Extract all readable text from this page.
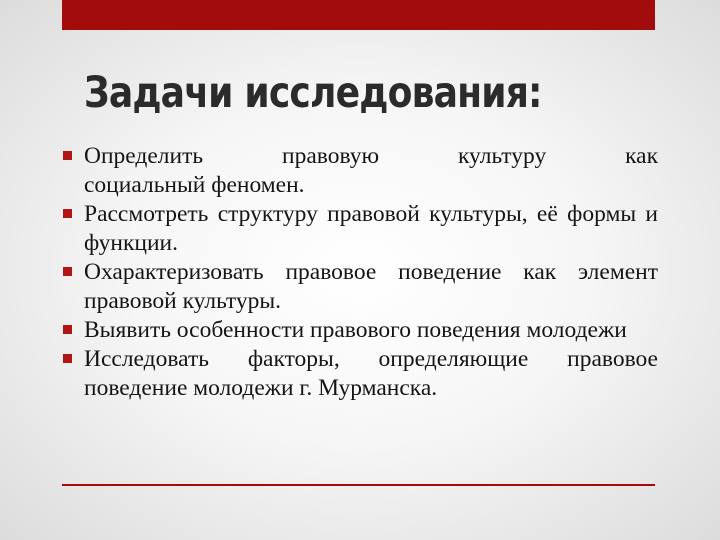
Задачи исследования:
Определить правовую культуру как
социальный феномен.
Рассмотреть структуру правовой культуры, её формы и функции.
Охарактеризовать правовое поведение как элемент правовой культуры.
Выявить особенности правового поведения молодежи
Исследовать факторы, определяющие правовое поведение молодежи г. Мурманска.
